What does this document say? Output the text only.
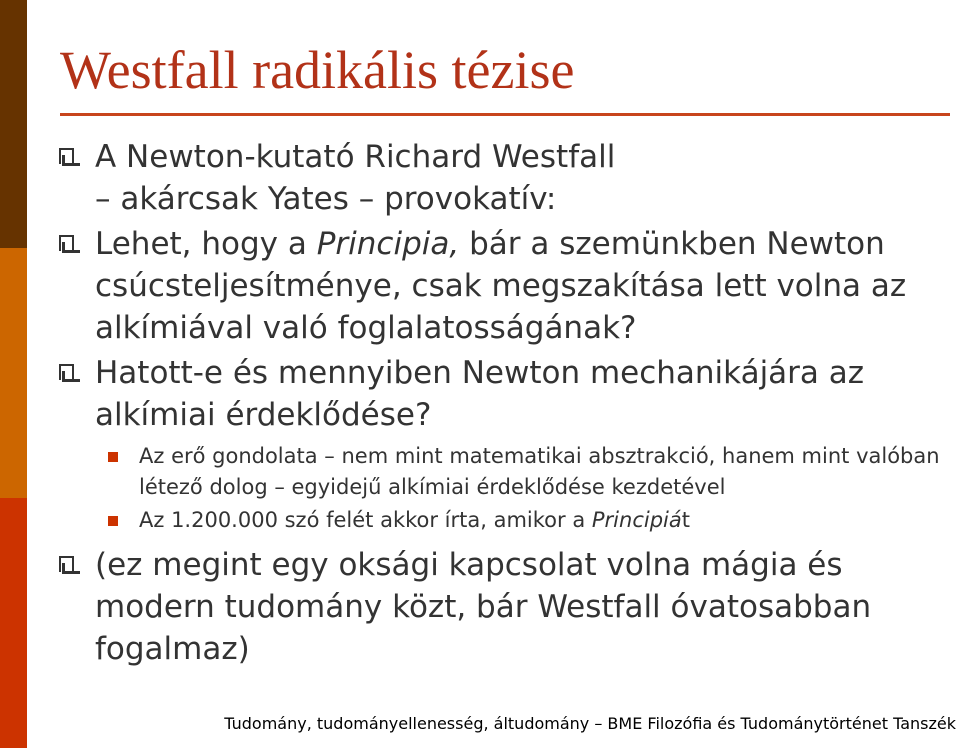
Westfall radikális tézise
A Newton-kutató Richard Westfall
– akárcsak Yates – provokatív:
Lehet, hogy a Principia, bár a szemünkben Newton csúcsteljesítménye, csak megszakítása lett volna az alkímiával való foglalatosságának?
Hatott-e és mennyiben Newton mechanikájára az alkímiai érdeklődése?
Az erő gondolata – nem mint matematikai absztrakció, hanem mint valóban létező dolog – egyidejű alkímiai érdeklődése kezdetével
Az 1.200.000 szó felét akkor írta, amikor a Principiát
(ez megint egy oksági kapcsolat volna mágia és modern tudomány közt, bár Westfall óvatosabban fogalmaz)
Tudomány, tudományellenesség, áltudomány – BME Filozófia és Tudománytörténet Tanszék
